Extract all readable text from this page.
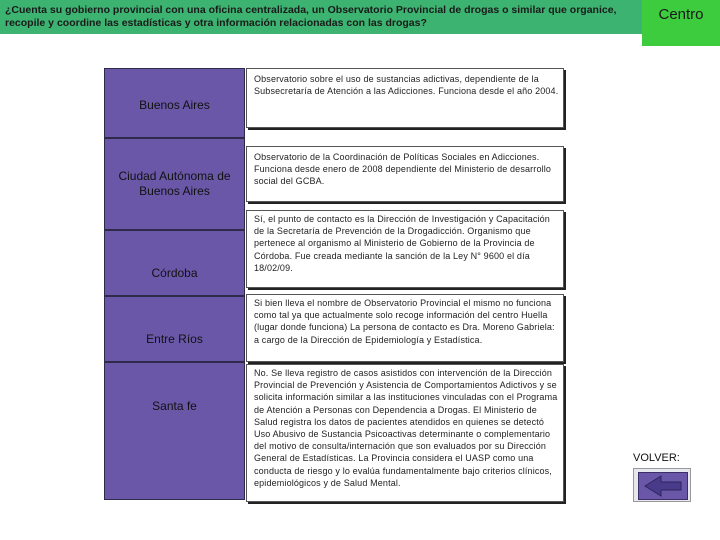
¿Cuenta su gobierno provincial con una oficina centralizada, un Observatorio Provincial de drogas o similar que organice, recopile y coordine las estadísticas y otra información relacionadas con las drogas?	Centro
Buenos Aires
Ciudad Autónoma de Buenos Aires
Córdoba
Entre Ríos
Santa fe
Observatorio sobre el uso de sustancias adictivas, dependiente de la Subsecretaría de Atención a las Adicciones. Funciona desde el año 2004.
Observatorio de la Coordinación de Políticas Sociales en Adicciones. Funciona desde enero de 2008 dependiente del Ministerio de desarrollo social del GCBA.
Sí, el punto de contacto es la Dirección de Investigación y Capacitación de la Secretaría de Prevención de la Drogadicción. Organismo que pertenece al organismo al Ministerio de Gobierno de la Provincia de Córdoba. Fue creada mediante la sanción de la Ley N° 9600 el día 18/02/09.
Si bien lleva el nombre de Observatorio Provincial el mismo no funciona como tal ya que actualmente solo recoge información del centro Huella (lugar donde funciona) La persona de contacto es Dra. Moreno Gabriela: a cargo de la Dirección de Epidemiología y Estadística.
No. Se lleva registro de casos asistidos con intervención de la Dirección Provincial de Prevención y Asistencia de Comportamientos Adictivos y se solicita información similar a las instituciones vinculadas con el Programa de Atención a Personas con Dependencia a Drogas. El Ministerio de Salud registra los datos de pacientes atendidos en quienes se detectó Uso Abusivo de Sustancia Psicoactivas determinante o complementario del motivo de consulta/internación que son evaluados por su Dirección General de Estadísticas. La Provincia considera el UASP como una conducta de riesgo y lo evalúa fundamentalmente bajo criterios clínicos, epidemiológicos y de Salud Mental.
VOLVER:
